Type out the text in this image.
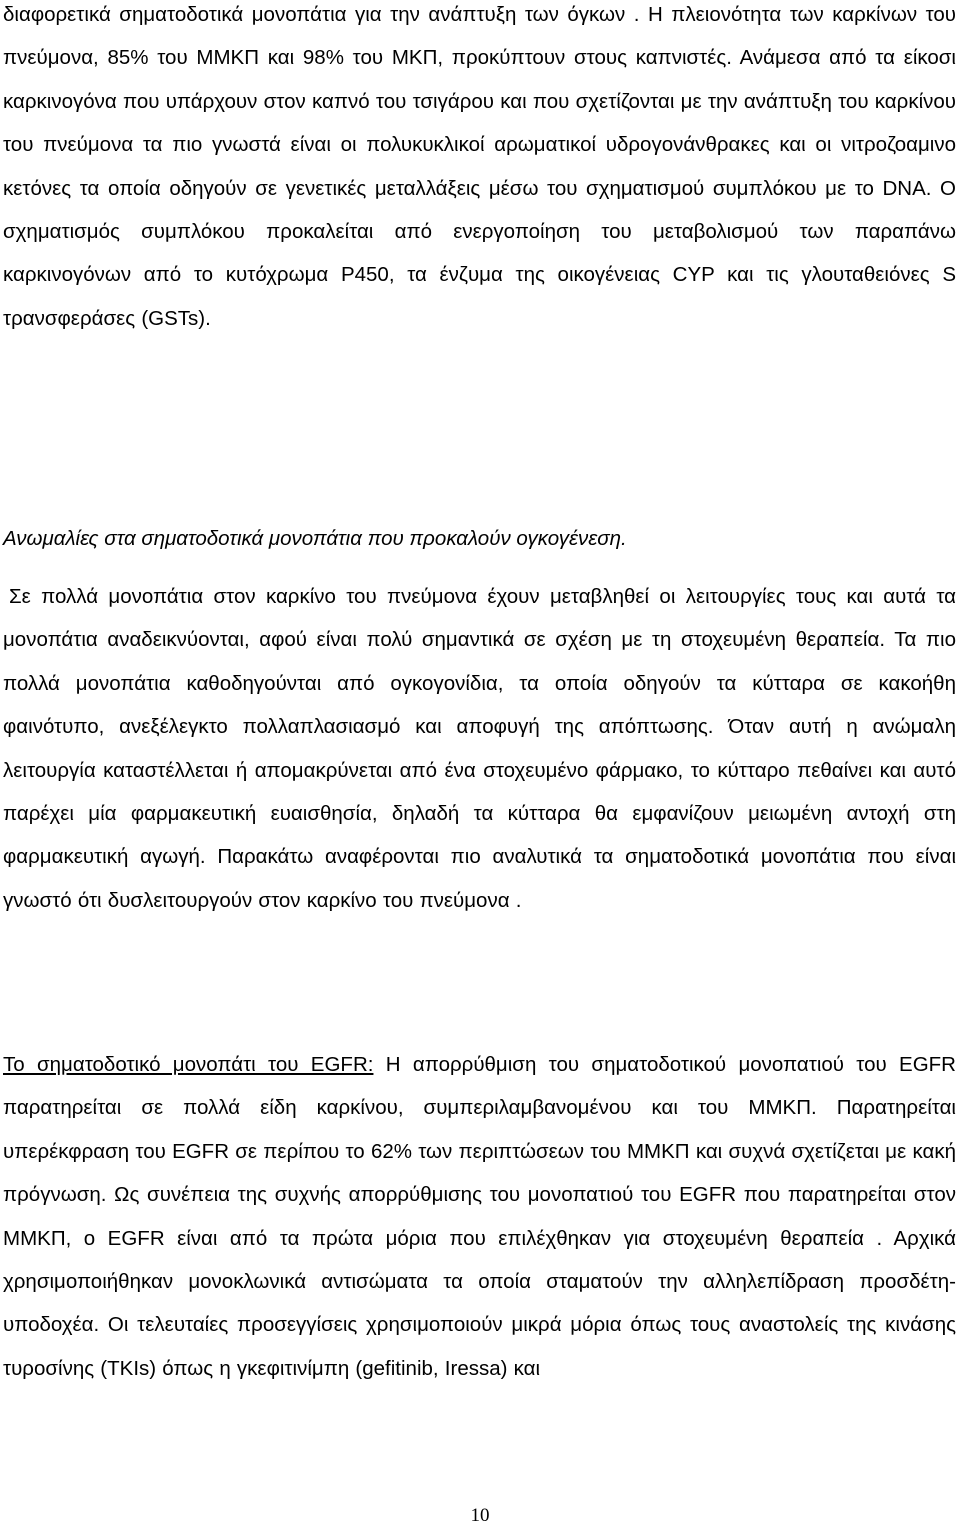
διαφορετικά σηματοδοτικά μονοπάτια για την ανάπτυξη των όγκων . Η πλειονότητα των καρκίνων του πνεύμονα, 85% του ΜΜΚΠ και 98% του ΜΚΠ, προκύπτουν στους καπνιστές. Ανάμεσα από τα είκοσι καρκινογόνα που υπάρχουν στον καπνό του τσιγάρου και που σχετίζονται με την ανάπτυξη του καρκίνου του πνεύμονα τα πιο γνωστά είναι οι πολυκυκλικοί αρωματικοί υδρογονάνθρακες και οι νιτροζοαμινο κετόνες τα οποία οδηγούν σε γενετικές μεταλλάξεις μέσω του σχηματισμού συμπλόκου με το DNA. Ο σχηματισμός συμπλόκου προκαλείται από ενεργοποίηση του μεταβολισμού των παραπάνω καρκινογόνων από το κυτόχρωμα P450, τα ένζυμα της οικογένειας CYP και τις γλουταθειόνες S τρανσφεράσες (GSTs).

Ανωμαλίες στα σηματοδοτικά μονοπάτια που προκαλούν ογκογένεση.

Σε πολλά μονοπάτια στον καρκίνο του πνεύμονα έχουν μεταβληθεί οι λειτουργίες τους και αυτά τα μονοπάτια αναδεικνύονται, αφού είναι πολύ σημαντικά σε σχέση με τη στοχευμένη θεραπεία. Τα πιο πολλά μονοπάτια καθοδηγούνται από ογκογονίδια, τα οποία οδηγούν τα κύτταρα σε κακοήθη φαινότυπο, ανεξέλεγκτο πολλαπλασιασμό και αποφυγή της απόπτωσης. Όταν αυτή η ανώμαλη λειτουργία καταστέλλεται ή απομακρύνεται από ένα στοχευμένο φάρμακο, το κύτταρο πεθαίνει και αυτό παρέχει μία φαρμακευτική ευαισθησία, δηλαδή τα κύτταρα θα εμφανίζουν μειωμένη αντοχή στη φαρμακευτική αγωγή. Παρακάτω αναφέρονται πιο αναλυτικά τα σηματοδοτικά μονοπάτια που είναι γνωστό ότι δυσλειτουργούν στον καρκίνο του πνεύμονα .

Το σηματοδοτικό μονοπάτι του EGFR: Η απορρύθμιση του σηματοδοτικού μονοπατιού του EGFR παρατηρείται σε πολλά είδη καρκίνου, συμπεριλαμβανομένου και του ΜΜΚΠ. Παρατηρείται υπερέκφραση του EGFR σε περίπου το 62% των περιπτώσεων του ΜΜΚΠ και συχνά σχετίζεται με κακή πρόγνωση. Ως συνέπεια της συχνής απορρύθμισης του μονοπατιού του EGFR που παρατηρείται στον ΜΜΚΠ, ο EGFR είναι από τα πρώτα μόρια που επιλέχθηκαν για στοχευμένη θεραπεία . Αρχικά χρησιμοποιήθηκαν μονοκλωνικά αντισώματα τα οποία σταματούν την αλληλεπίδραση προσδέτη-υποδοχέα. Οι τελευταίες προσεγγίσεις χρησιμοποιούν μικρά μόρια όπως τους αναστολείς της κινάσης τυροσίνης (TKIs) όπως η γκεφιτινίμπη (gefitinib, Iressa) και

10
